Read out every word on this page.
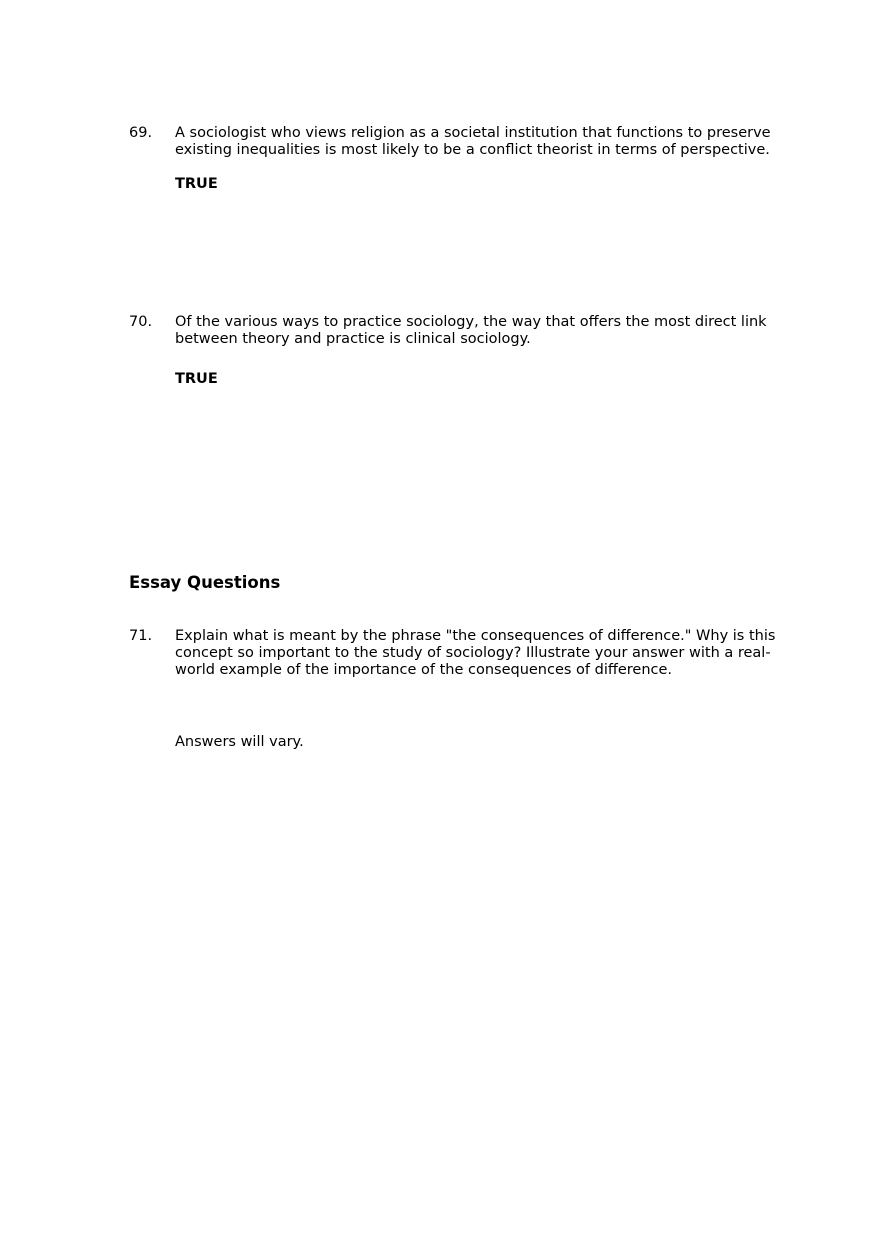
69.	A sociologist who views religion as a societal institution that functions to preserve existing inequalities is most likely to be a conflict theorist in terms of perspective.
TRUE
70.	Of the various ways to practice sociology, the way that offers the most direct link between theory and practice is clinical sociology.
TRUE
Essay Questions
71.	Explain what is meant by the phrase "the consequences of difference." Why is this concept so important to the study of sociology? Illustrate your answer with a real-world example of the importance of the consequences of difference.
Answers will vary.
